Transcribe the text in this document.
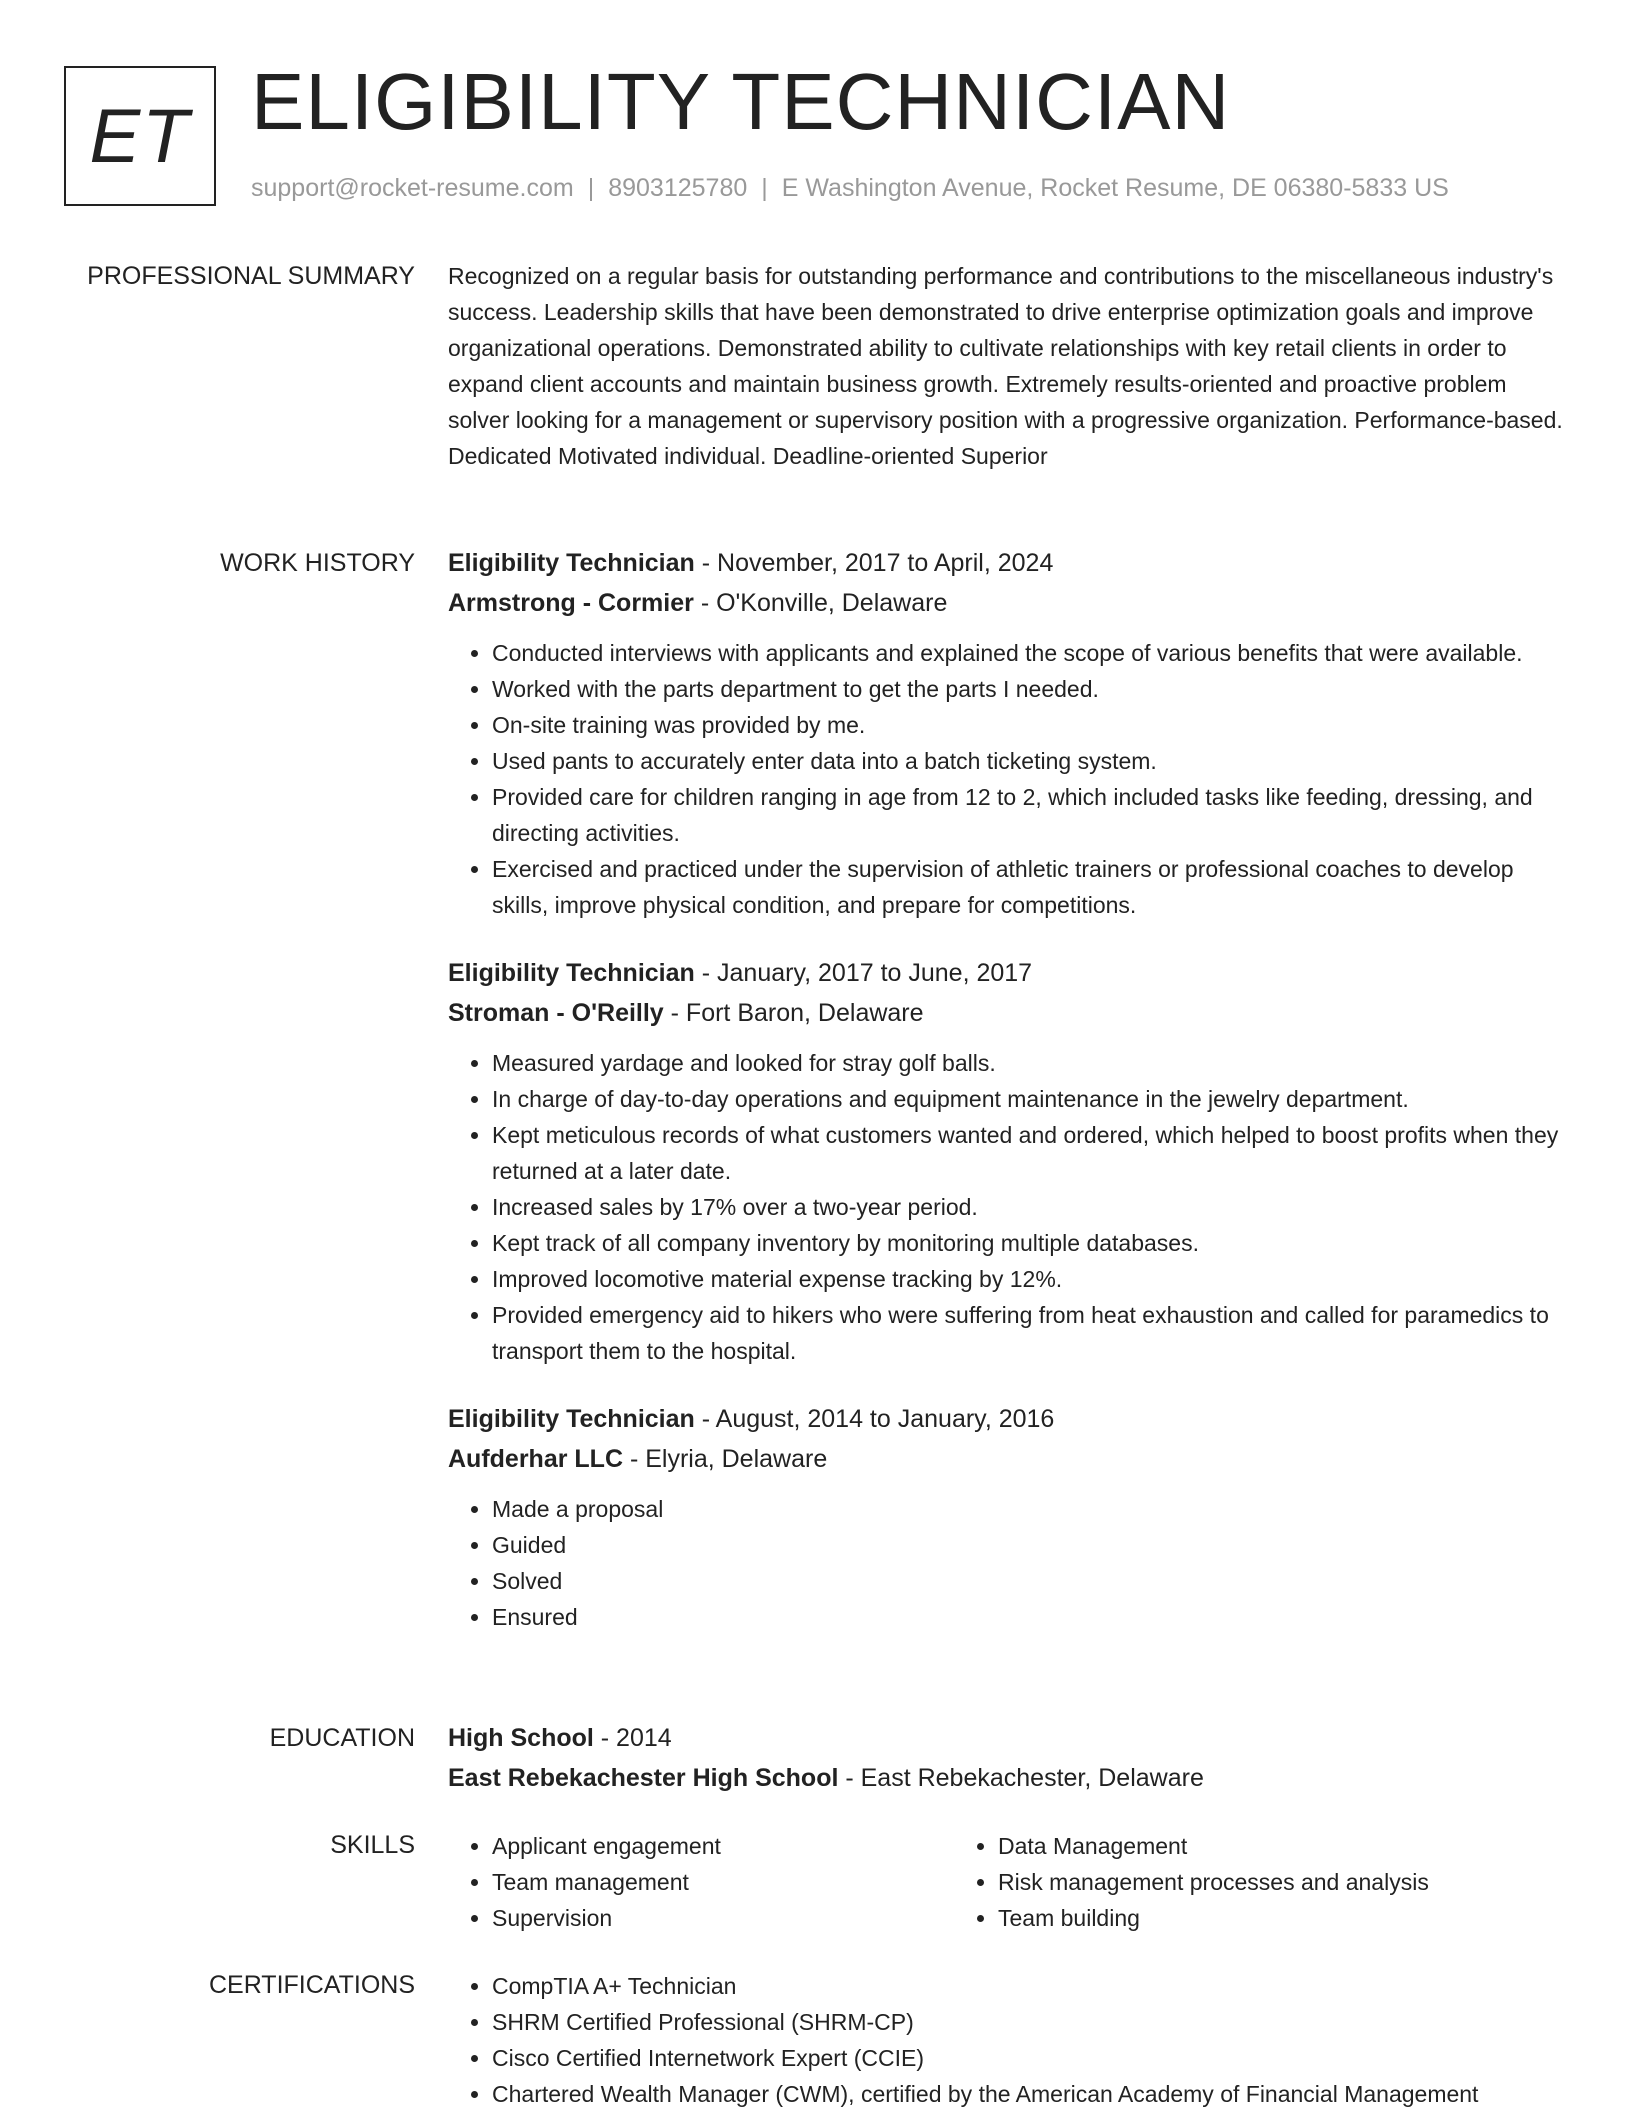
ET ELIGIBILITY TECHNICIAN
support@rocket-resume.com | 8903125780 | E Washington Avenue, Rocket Resume, DE 06380-5833 US
PROFESSIONAL SUMMARY Recognized on a regular basis for outstanding performance and contributions to the miscellaneous industry's success. Leadership skills that have been demonstrated to drive enterprise optimization goals and improve organizational operations. Demonstrated ability to cultivate relationships with key retail clients in order to expand client accounts and maintain business growth. Extremely results-oriented and proactive problem solver looking for a management or supervisory position with a progressive organization. Performance-based. Dedicated Motivated individual. Deadline-oriented Superior

WORK HISTORY Eligibility Technician - November, 2017 to April, 2024
Armstrong - Cormier - O'Konville, Delaware
• Conducted interviews with applicants and explained the scope of various benefits that were available.
• Worked with the parts department to get the parts I needed.
• On-site training was provided by me.
• Used pants to accurately enter data into a batch ticketing system.
• Provided care for children ranging in age from 12 to 2, which included tasks like feeding, dressing, and directing activities.
• Exercised and practiced under the supervision of athletic trainers or professional coaches to develop skills, improve physical condition, and prepare for competitions.
Eligibility Technician - January, 2017 to June, 2017
Stroman - O'Reilly - Fort Baron, Delaware
• Measured yardage and looked for stray golf balls.
• In charge of day-to-day operations and equipment maintenance in the jewelry department.
• Kept meticulous records of what customers wanted and ordered, which helped to boost profits when they returned at a later date.
• Increased sales by 17% over a two-year period.
• Kept track of all company inventory by monitoring multiple databases.
• Improved locomotive material expense tracking by 12%.
• Provided emergency aid to hikers who were suffering from heat exhaustion and called for paramedics to transport them to the hospital.
Eligibility Technician - August, 2014 to January, 2016
Aufderhar LLC - Elyria, Delaware
• Made a proposal
• Guided
• Solved
• Ensured
EDUCATION High School - 2014
East Rebekachester High School - East Rebekachester, Delaware
SKILLS	• Applicant engagement
• Team management
• Supervision
• Data Management
• Risk management processes and analysis
• Team building
CERTIFICATIONS	• CompTIA A+ Technician
• SHRM Certified Professional (SHRM-CP)
• Cisco Certified Internetwork Expert (CCIE)
• Chartered Wealth Manager (CWM), certified by the American Academy of Financial Management
